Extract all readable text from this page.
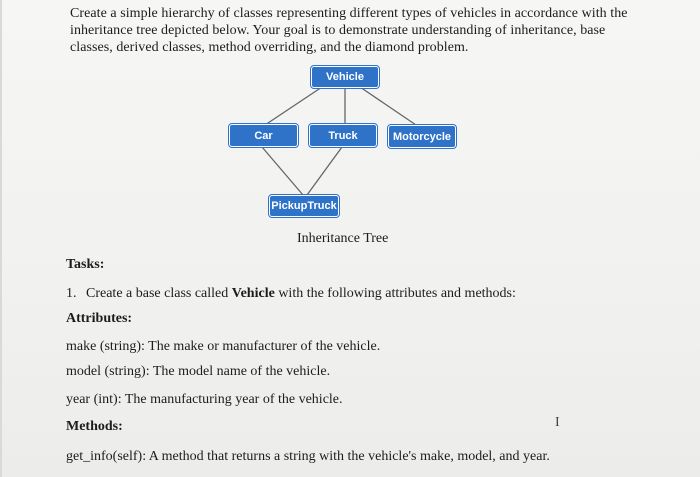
Create a simple hierarchy of classes representing different types of vehicles in accordance with the inheritance tree depicted below. Your goal is to demonstrate understanding of inheritance, base classes, derived classes, method overriding, and the diamond problem.

Vehicle
Car	Truck	Motorcycle
PickupTruck
Inheritance Tree

Tasks:

1. Create a base class called Vehicle with the following attributes and methods:

Attributes:

make (string): The make or manufacturer of the vehicle.

model (string): The model name of the vehicle.

year (int): The manufacturing year of the vehicle.

Methods:

get_info(self): A method that returns a string with the vehicle's make, model, and year.

I
